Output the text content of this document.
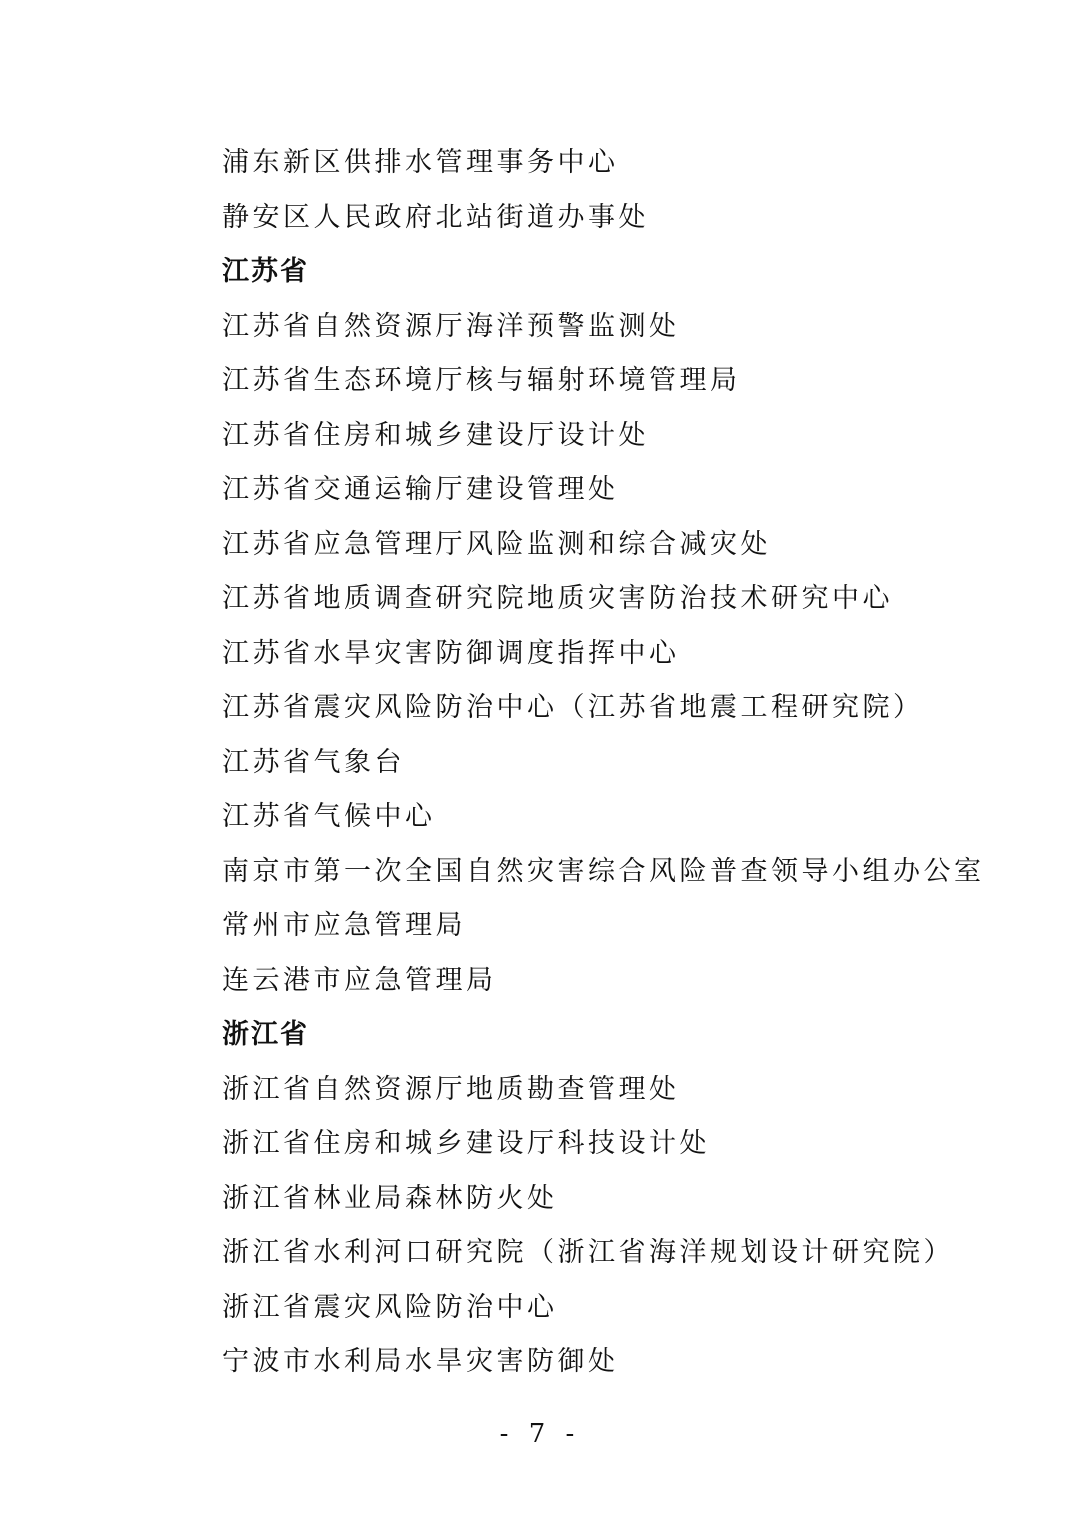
浦东新区供排水管理事务中心
静安区人民政府北站街道办事处
江苏省
江苏省自然资源厅海洋预警监测处
江苏省生态环境厅核与辐射环境管理局
江苏省住房和城乡建设厅设计处
江苏省交通运输厅建设管理处
江苏省应急管理厅风险监测和综合减灾处
江苏省地质调查研究院地质灾害防治技术研究中心
江苏省水旱灾害防御调度指挥中心
江苏省震灾风险防治中心（江苏省地震工程研究院）
江苏省气象台
江苏省气候中心
南京市第一次全国自然灾害综合风险普查领导小组办公室
常州市应急管理局
连云港市应急管理局
浙江省
浙江省自然资源厅地质勘查管理处
浙江省住房和城乡建设厅科技设计处
浙江省林业局森林防火处
浙江省水利河口研究院（浙江省海洋规划设计研究院）
浙江省震灾风险防治中心
宁波市水利局水旱灾害防御处
- 7 -
